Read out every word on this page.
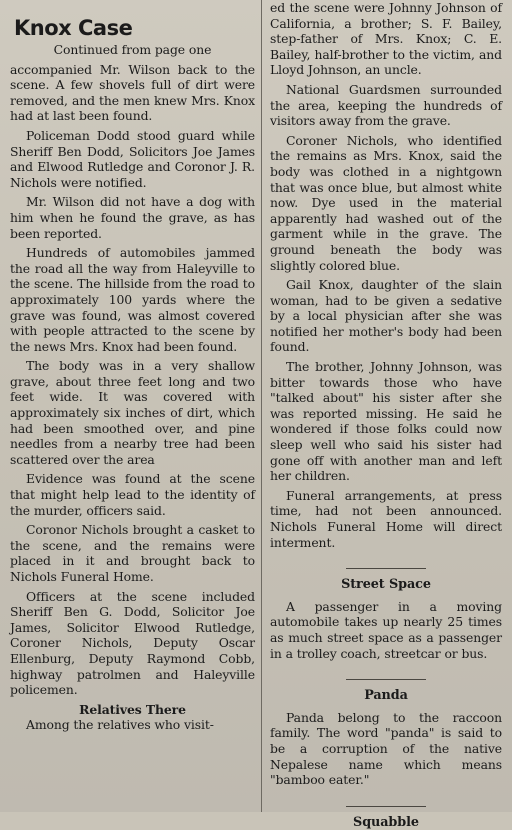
Knox Case
Continued from page one

accompanied Mr. Wilson back to the scene. A few shovels full of dirt were removed, and the men knew Mrs. Knox had at last been found.

Policeman Dodd stood guard while Sheriff Ben Dodd, Solicitors Joe James and Elwood Rutledge and Coronor J. R. Nichols were notified.

Mr. Wilson did not have a dog with him when he found the grave, as has been reported.

Hundreds of automobiles jammed the road all the way from Haleyville to the scene. The hillside from the road to approximately 100 yards where the grave was found, was almost covered with people attracted to the scene by the news Mrs. Knox had been found.

The body was in a very shallow grave, about three feet long and two feet wide. It was covered with approximately six inches of dirt, which had been smoothed over, and pine needles from a nearby tree had been scattered over the area

Evidence was found at the scene that might help lead to the identity of the murder, officers said.

Coronor Nichols brought a casket to the scene, and the remains were placed in it and brought back to Nichols Funeral Home.

Officers at the scene included Sheriff Ben G. Dodd, Solicitor Joe James, Solicitor Elwood Rutledge, Coroner Nichols, Deputy Oscar Ellenburg, Deputy Raymond Cobb, highway patrolmen and Haleyville policemen.

Relatives There

Among the relatives who visit-

ed the scene were Johnny Johnson of California, a brother; S. F. Bailey, step-father of Mrs. Knox; C. E. Bailey, half-brother to the victim, and Lloyd Johnson, an uncle.

National Guardsmen surrounded the area, keeping the hundreds of visitors away from the grave.

Coroner Nichols, who identified the remains as Mrs. Knox, said the body was clothed in a nightgown that was once blue, but almost white now. Dye used in the material apparently had washed out of the garment while in the grave. The ground beneath the body was slightly colored blue.

Gail Knox, daughter of the slain woman, had to be given a sedative by a local physician after she was notified her mother's body had been found.

The brother, Johnny Johnson, was bitter towards those who have "talked about" his sister after she was reported missing. He said he wondered if those folks could now sleep well who said his sister had gone off with another man and left her children.

Funeral arrangements, at press time, had not been announced. Nichols Funeral Home will direct interment.

Street Space

A passenger in a moving automobile takes up nearly 25 times as much street space as a passenger in a trolley coach, streetcar or bus.

Panda

Panda belong to the raccoon family. The word "panda" is said to be a corruption of the native Nepalese name which means "bamboo eater."

Squabble
